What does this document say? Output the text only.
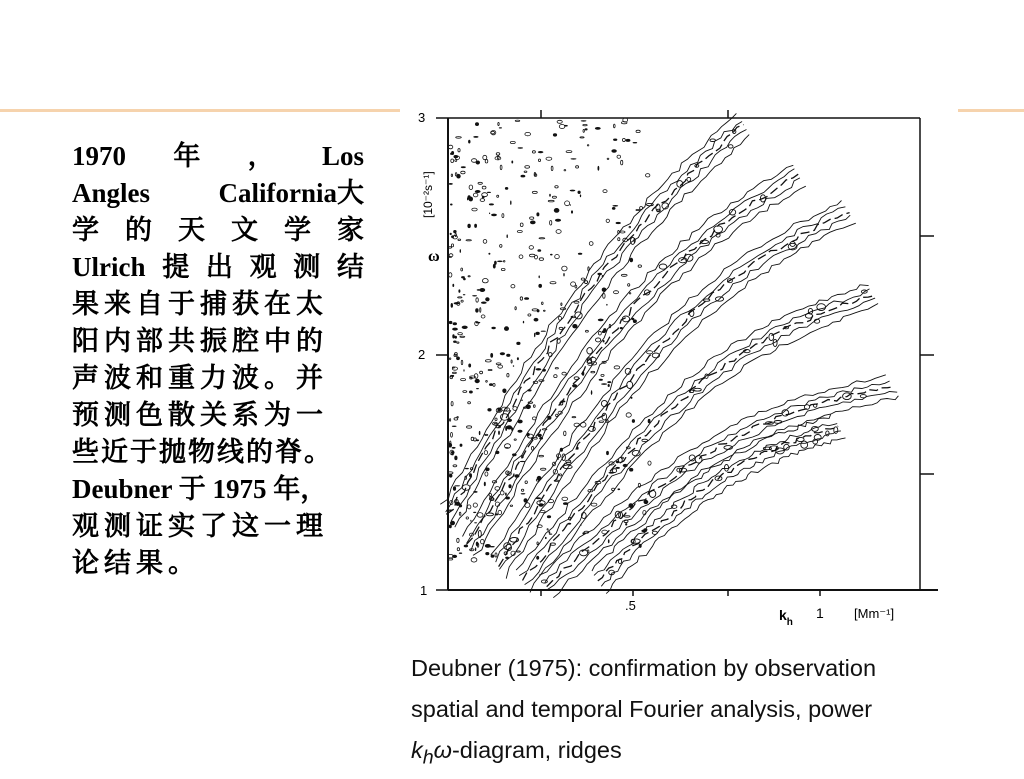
1970 年 ， Los
Angles	California大
学 的 天 文 学 家
Ulrich 提 出 观 测 结
果来自于捕获在太
阳内部共振腔中的
声波和重力波。并
预测色散关系为一
些近于抛物线的脊。
Deubner 于 1975 年，
观测证实了这一理
论结果。
3
2
1
.5	1
ω
[10⁻²s⁻¹]
$k_h$
[Mm⁻¹]
Deubner (1975): confirmation by observation
spatial and temporal Fourier analysis, power
$k_h\omega$-diagram, ridges
